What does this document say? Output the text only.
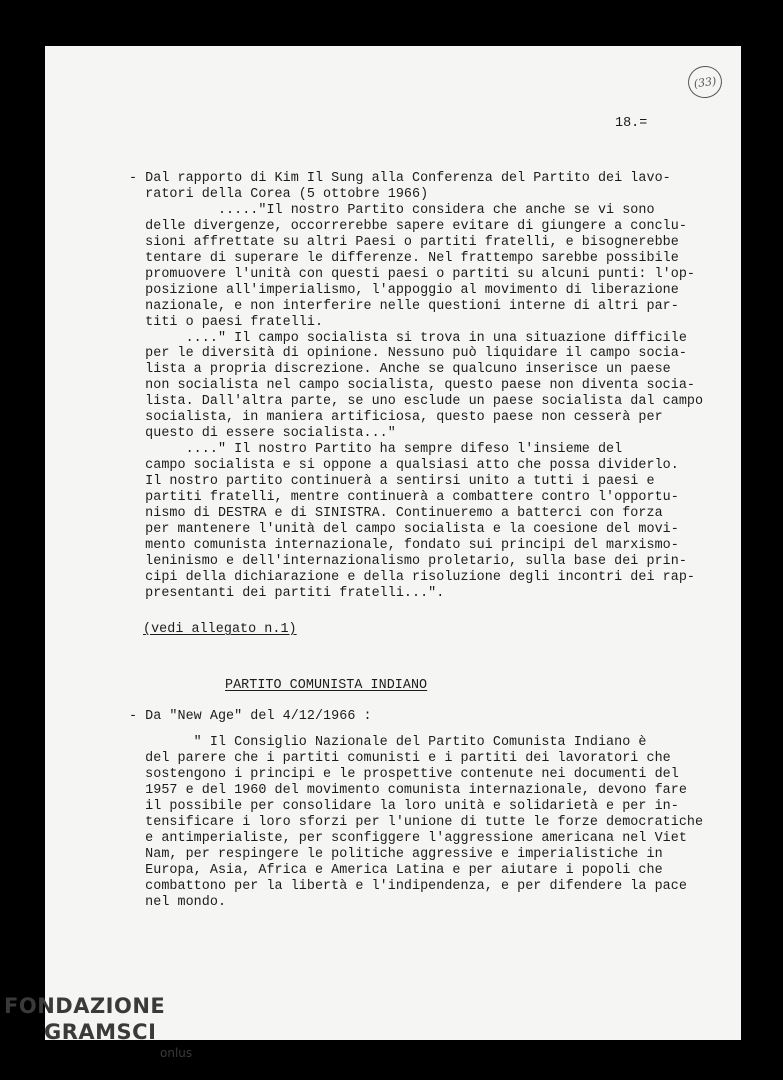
(33)
18.=
- Dal rapporto di Kim Il Sung alla Conferenza del Partito dei lavo-
ratori della Corea (5 ottobre 1966)
....."Il nostro Partito considera che anche se vi sono
delle divergenze, occorrerebbe sapere evitare di giungere a conclu-
sioni affrettate su altri Paesi o partiti fratelli, e bisognerebbe
tentare di superare le differenze. Nel frattempo sarebbe possibile
promuovere l'unità con questi paesi o partiti su alcuni punti: l'op-
posizione all'imperialismo, l'appoggio al movimento di liberazione
nazionale, e non interferire nelle questioni interne di altri par-
titi o paesi fratelli.
...." Il campo socialista si trova in una situazione difficile
per le diversità di opinione. Nessuno può liquidare il campo socia-
lista a propria discrezione. Anche se qualcuno inserisce un paese
non socialista nel campo socialista, questo paese non diventa socia-
lista. Dall'altra parte, se uno esclude un paese socialista dal campo
socialista, in maniera artificiosa, questo paese non cesserà per
questo di essere socialista..."
...." Il nostro Partito ha sempre difeso l'insieme del
campo socialista e si oppone a qualsiasi atto che possa dividerlo.
Il nostro partito continuerà a sentirsi unito a tutti i paesi e
partiti fratelli, mentre continuerà a combattere contro l'opportu-
nismo di DESTRA e di SINISTRA. Continueremo a batterci con forza
per mantenere l'unità del campo socialista e la coesione del movi-
mento comunista internazionale, fondato sui principi del marxismo-
leninismo e dell'internazionalismo proletario, sulla base dei prin-
cipi della dichiarazione e della risoluzione degli incontri dei rap-
presentanti dei partiti fratelli...".
(vedi allegato n.1)
PARTITO COMUNISTA INDIANO
- Da "New Age" del 4/12/1966 :
" Il Consiglio Nazionale del Partito Comunista Indiano è
del parere che i partiti comunisti e i partiti dei lavoratori che
sostengono i principi e le prospettive contenute nei documenti del
1957 e del 1960 del movimento comunista internazionale, devono fare
il possibile per consolidare la loro unità e solidarietà e per in-
tensificare i loro sforzi per l'unione di tutte le forze democratiche
e antimperialiste, per sconfiggere l'aggressione americana nel Viet
Nam, per respingere le politiche aggressive e imperialistiche in
Europa, Asia, Africa e America Latina e per aiutare i popoli che
combattono per la libertà e l'indipendenza, e per difendere la pace
nel mondo.
FONDAZIONE
GRAMSCI
onlus
